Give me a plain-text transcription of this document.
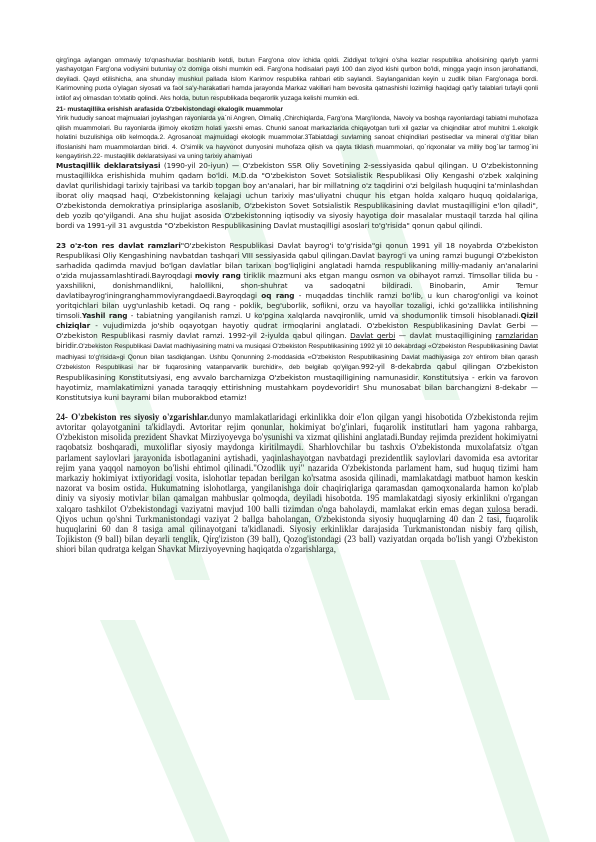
qirg'inga aylangan ommaviy to'qnashuvlar boshlanib ketdi, butun Farg'ona olov ichida qoldi. Ziddiyat to'lqini o'sha kezlar respublika aholisining qariyb yarmi yashayotgan Farg'ona vodiysini butunlay o'z domiga olishi mumkin edi. Farg'ona hodisalari payti 100 dan ziyod kishi qurbon bo'ldi, mingga yaqin inson jarohatlandi, deyiladi. Qayd etilishicha, ana shunday mushkul pallada Islom Karimov respublika rahbari etib saylandi. Saylanganidan keyin u zudlik bilan Farg'onaga bordi. Karimovning puxta o'ylagan siyosati va faol sa'y-harakatlari hamda jarayonda Markaz vakillari ham bevosita qatnashishi lozimligi haqidagi qat'iy talablari tufayli qonli ixtilof avj olmasdan to'xtatib qolindi. Aks holda, butun respublikada beqarorlik yuzaga kelishi mumkin edi.

21- mustaqillika erishish arafasida O'zbekistondagi ekalogik muammolar

Yirik hududiy sanoat majmualari joylashgan rayonlarda ya`ni Angren, Olmaliq ,Chirchiqlarda, Farg'ona 'Marg'ilonda, Navoiy va boshqa rayonlardagi tabiatni muhofaza qilish muammolari. Bu rayonlarda ijtimoiy ekotizm holati yaxshi emas. Chunki sanoat markazlarida chiqayotgan turli xil gazlar va chiqindilar atrof muhitni 1.ekolgik holatini buzulishiga olib kelmoqda.2. Agrosanoat majmuidagi ekologik muammolar.3Tabiatdagi suvlarning sanoat chiqindilari pestisedlar va mineral o'g'itlar bilan ifloslanishi ham muammolardan biridi. 4. O'simlik va hayvonot dunyosini muhofaza qilish va qayta tiklash muammolari, qo`riqxonalar va milliy bog`lar tarmog`ini kengaytirish.22- mustaqillik deklaratsiyasi va uning tarixiy ahamiyati

Mustaqillik deklaratsiyasi (1990-yil 20-iyun) — O'zbekiston SSR Oliy Sovetining 2-sessiyasida qabul qilingan. U O'zbekistonning mustaqillikka erishishida muhim qadam bo'ldi. M.D.da "O'zbekiston Sovet Sotsialistik Respublikasi Oliy Kengashi o'zbek xalqining davlat qurilishidagi tarixiy tajribasi va tarkib topgan boy an'analari, har bir millatning o'z taqdirini o'zi belgilash huquqini ta'minlashdan iborat oliy maqsad haqi, O'zbekistonning kelajagi uchun tarixiy mas'uliyatni chuqur his etgan holda xalqaro huquq qoidalariga, O'zbekistonda demokratiya prinsiplariga asoslanib, O'zbekiston Sovet Sotsialistik Respublikasining davlat mustaqilligini e'lon qiladi", deb yozib qo'yilgandi. Ana shu hujjat asosida O'zbekistonning iqtisodiy va siyosiy hayotiga doir masalalar mustaqil tarzda hal qilina bordi va 1991-yil 31 avgustda "O'zbekiston Respublikasining Davlat mustaqilligi asoslari to'g'risida" qonun qabul qilindi.

23 o'z-ton res davlat ramzlari"O'zbekiston Respublikasi Davlat bayrog'i to'g'risida"gi qonun 1991 yil 18 noyabrda O'zbekiston Respublikasi Oliy Kengashining navbatdan tashqari VIII sessiyasida qabul qilingan.Davlat bayrog'i va uning ramzi bugungi O'zbekiston sarhadida qadimda mavjud bo'lgan davlatlar bilan tarixan bog'liqligini anglatadi hamda respublikaning milliy-madaniy an'analarini o'zida mujassamlashtiradi.Bayroqdagi moviy rang tiriklik mazmuni aks etgan mangu osmon va obihayot ramzi. Timsollar tilida bu - yaxshilikni, donishmandlikni, halollikni, shon-shuhrat va sadoqatni bildiradi. Binobarin, Amir Temur davlatibayrog'iningranghammoviyrangdaedi.Bayroqdagi oq rang - muqaddas tinchlik ramzi bo'lib, u kun charog'onligi va koinot yoritqichlari bilan uyg'unlashib ketadi. Oq rang - poklik, beg'uborlik, soflikni, orzu va hayollar tozaligi, ichki go'zallikka intilishning timsoli.Yashil rang - tabiatning yangilanish ramzi. U ko'pgina xalqlarda navqironlik, umid va shodumonlik timsoli hisoblanadi.Qizil chiziqlar - vujudimizda jo'shib oqayotgan hayotiy qudrat irmoqlarini anglatadi. O'zbekiston Respublikasining Davlat Gerbi — O'zbekiston Respublikasi rasmiy davlat ramzi. 1992-yil 2-iyulda qabul qilingan. Davlat gerbi — davlat mustaqilligining ramzlaridan biridir.O'zbekiston Respublikasi Davlat madhiyasining matni va musiqasi O'zbekiston Respublikasining 1992 yil 10 dekabrdagi «O'zbekiston Respublikasining Davlat madhiyasi to'g'risida»gi Qonun bilan tasdiqlangan. Ushbu Qonunning 2-moddasida «O'zbekiston Respublikasining Davlat madhiyasiga zo'r ehtirom bilan qarash O'zbekiston Respublikasi har bir fuqarosining vatanparvarlik burchidir», deb belgilab qo'yilgan.992-yil 8-dekabrda qabul qilingan O'zbekiston Respublikasining Konstitutsiyasi, eng avvalo barchamizga O'zbekiston mustaqilligining namunasidir. Konstitutsiya - erkin va farovon hayotimiz, mamlakatimizni yanada taraqqiy ettirishning mustahkam poydevoridir! Shu munosabat bilan barchangizni 8-dekabr — Konstitutsiya kuni bayrami bilan muborakbod etamiz!

24- O'zbekiston res siyosiy o'zgarishlar.dunyo mamlakatlaridagi erkinlikka doir e'lon qilgan yangi hisobotida O'zbekistonda rejim avtoritar qolayotganini ta'kidlaydi. Avtoritar rejim qonunlar, hokimiyat bo'g'inlari, fuqarolik institutlari ham yagona rahbarga, O'zbekiston misolida prezident Shavkat Mirziyoyevga bo'ysunishi va xizmat qilishini anglatadi.Bunday rejimda prezident hokimiyatni raqobatsiz boshqaradi, muxoliflar siyosiy maydonga kiritilmaydi. Sharhlovchilar bu tashxis O'zbekistonda muxolafatsiz o'tgan parlament saylovlari jarayonida isbotlaganini aytishadi, yaqinlashayotgan navbatdagi prezidentlik saylovlari davomida esa avtoritar rejim yana yaqqol namoyon bo'lishi ehtimol qilinadi."Ozodlik uyi" nazarida O'zbekistonda parlament ham, sud huquq tizimi ham markaziy hokimiyat ixtiyoridagi vosita, islohotlar tepadan berilgan ko'rsatma asosida qilinadi, mamlakatdagi matbuot hamon keskin nazorat va bosim ostida. Hukumatning islohotlarga, yangilanishga doir chaqiriqlariga qaramasdan qamoqxonalarda hamon ko'plab diniy va siyosiy motivlar bilan qamalgan mahbuslar qolmoqda, deyiladi hisobotda. 195 mamlakatdagi siyosiy erkinlikni o'rgangan xalqaro tashkilot O'zbekistondagi vaziyatni mavjud 100 balli tizimdan o'nga baholaydi, mamlakat erkin emas degan xulosa beradi. Qiyos uchun qo'shni Turkmanistondagi vaziyat 2 ballga baholangan, O'zbekistonda siyosiy huquqlarning 40 dan 2 tasi, fuqarolik huquqlarini 60 dan 8 tasiga amal qilinayotgani ta'kidlanadi. Siyosiy erkinliklar darajasida Turkmanistondan nisbiy farq qilish, Tojikiston (9 ball) bilan deyarli tenglik, Qirg'iziston (39 ball), Qozog'istondagi (23 ball) vaziyatdan orqada bo'lish yangi O'zbekiston shiori bilan qudratga kelgan Shavkat Mirziyoyevning haqiqatda o'zgarishlarga,
